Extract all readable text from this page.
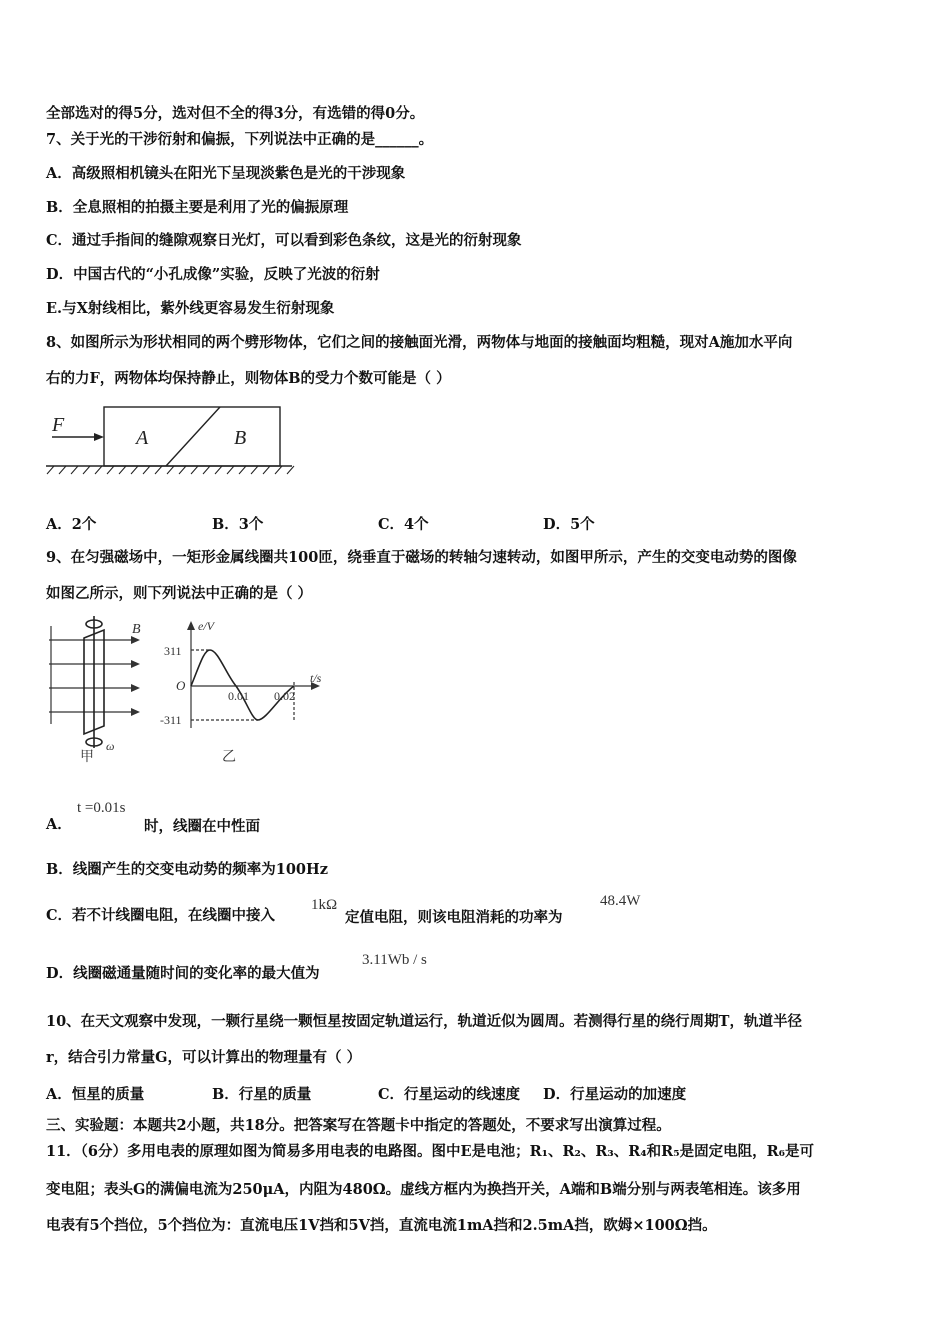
全部选对的得5分，选对但不全的得3分，有选错的得0分。
7、关于光的干涉衍射和偏振，下列说法中正确的是______。
A．高级照相机镜头在阳光下呈现淡紫色是光的干涉现象
B．全息照相的拍摄主要是利用了光的偏振原理
C．通过手指间的缝隙观察日光灯，可以看到彩色条纹，这是光的衍射现象
D．中国古代的“小孔成像”实验，反映了光波的衍射
E.与X射线相比，紫外线更容易发生衍射现象
8、如图所示为形状相同的两个劈形物体，它们之间的接触面光滑，两物体与地面的接触面均粗糙，现对A施加水平向
右的力F，两物体均保持静止，则物体B的受力个数可能是（ ）
F
A	B
A．2个	B．3个	C．4个	D．5个
9、在匀强磁场中，一矩形金属线圈共100匝，绕垂直于磁场的转轴匀速转动，如图甲所示，产生的交变电动势的图像
如图乙所示，则下列说法中正确的是（ ）
B
ω
甲
e/V
t/s
O
311
-311
0.01 0.02
乙
A．
t =0.01s
时，线圈在中性面
B．线圈产生的交变电动势的频率为100Hz
C．若不计线圈电阻，在线圈中接入
1kΩ
定值电阻，则该电阻消耗的功率为
48.4W
D．线圈磁通量随时间的变化率的最大值为
3.11Wb / s
10、在天文观察中发现，一颗行星绕一颗恒星按固定轨道运行，轨道近似为圆周。若测得行星的绕行周期T，轨道半径
r，结合引力常量G，可以计算出的物理量有（ ）
A．恒星的质量	B．行星的质量	C．行星运动的线速度 D．行星运动的加速度
三、实验题：本题共2小题，共18分。把答案写在答题卡中指定的答题处，不要求写出演算过程。
11．（6分）多用电表的原理如图为简易多用电表的电路图。图中E是电池；R₁、R₂、R₃、R₄和R₅是固定电阻，R₆是可
变电阻；表头G的满偏电流为250μA，内阻为480Ω。虚线方框内为换挡开关，A端和B端分别与两表笔相连。该多用
电表有5个挡位，5个挡位为：直流电压1V挡和5V挡，直流电流1mA挡和2.5mA挡，欧姆×100Ω挡。
